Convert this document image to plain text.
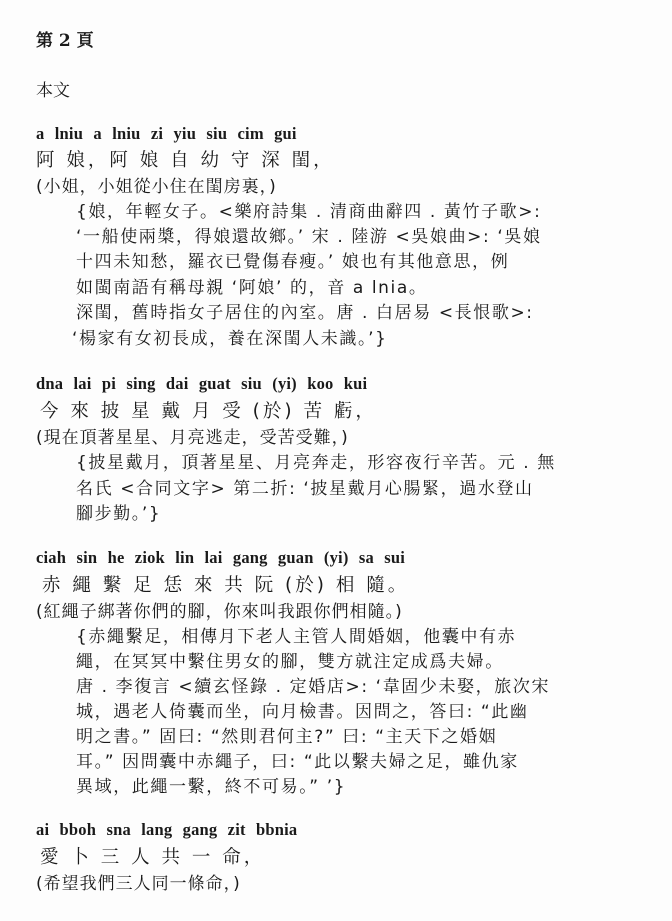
第 2 頁
本文
a lniu a lniu zi yiu siu cim gui
阿 娘，阿 娘 自 幼 守 深 閨，
(小姐，小姐從小住在閨房裏，)
{娘，年輕女子。<樂府詩集 . 清商曲辭四 . 黃竹子歌>:
‘一船使兩槳，得娘還故鄉。’ 宋 . 陸游 <吳娘曲>: ‘吳娘
十四未知愁，羅衣已覺傷春瘦。’ 娘也有其他意思，例
如閩南語有稱母親 ‘阿娘’ 的，音 a lnia。
深閨，舊時指女子居住的內室。唐 . 白居易 <長恨歌>:
‘楊家有女初長成，養在深閨人未識。’}
dna lai pi sing dai guat siu (yi) koo kui
今 來 披 星 戴 月 受 (於) 苦 虧，
(現在頂著星星、月亮逃走，受苦受難，)
{披星戴月，頂著星星、月亮奔走，形容夜行辛苦。元 . 無
名氏 <合同文字> 第二折: ‘披星戴月心腸緊，過水登山
腳步勤。’}
ciah sin he ziok lin lai gang guan (yi) sa sui
赤 繩 繫 足 恁 來 共 阮 (於) 相 隨。
(紅繩子綁著你們的腳，你來叫我跟你們相隨。)
{赤繩繫足，相傳月下老人主管人間婚姻，他囊中有赤
繩，在冥冥中繫住男女的腳，雙方就注定成爲夫婦。
唐 . 李復言 <續玄怪錄 . 定婚店>: ‘韋固少未娶，旅次宋
城，遇老人倚囊而坐，向月檢書。因問之，答曰: “此幽
明之書。” 固曰: “然則君何主?” 曰: “主天下之婚姻
耳。” 因問囊中赤繩子，曰: “此以繫夫婦之足，雖仇家
異域，此繩一繫，終不可易。” ’}
ai bboh sna lang gang zit bbnia
愛 卜 三 人 共 一 命，
(希望我們三人同一條命，)
